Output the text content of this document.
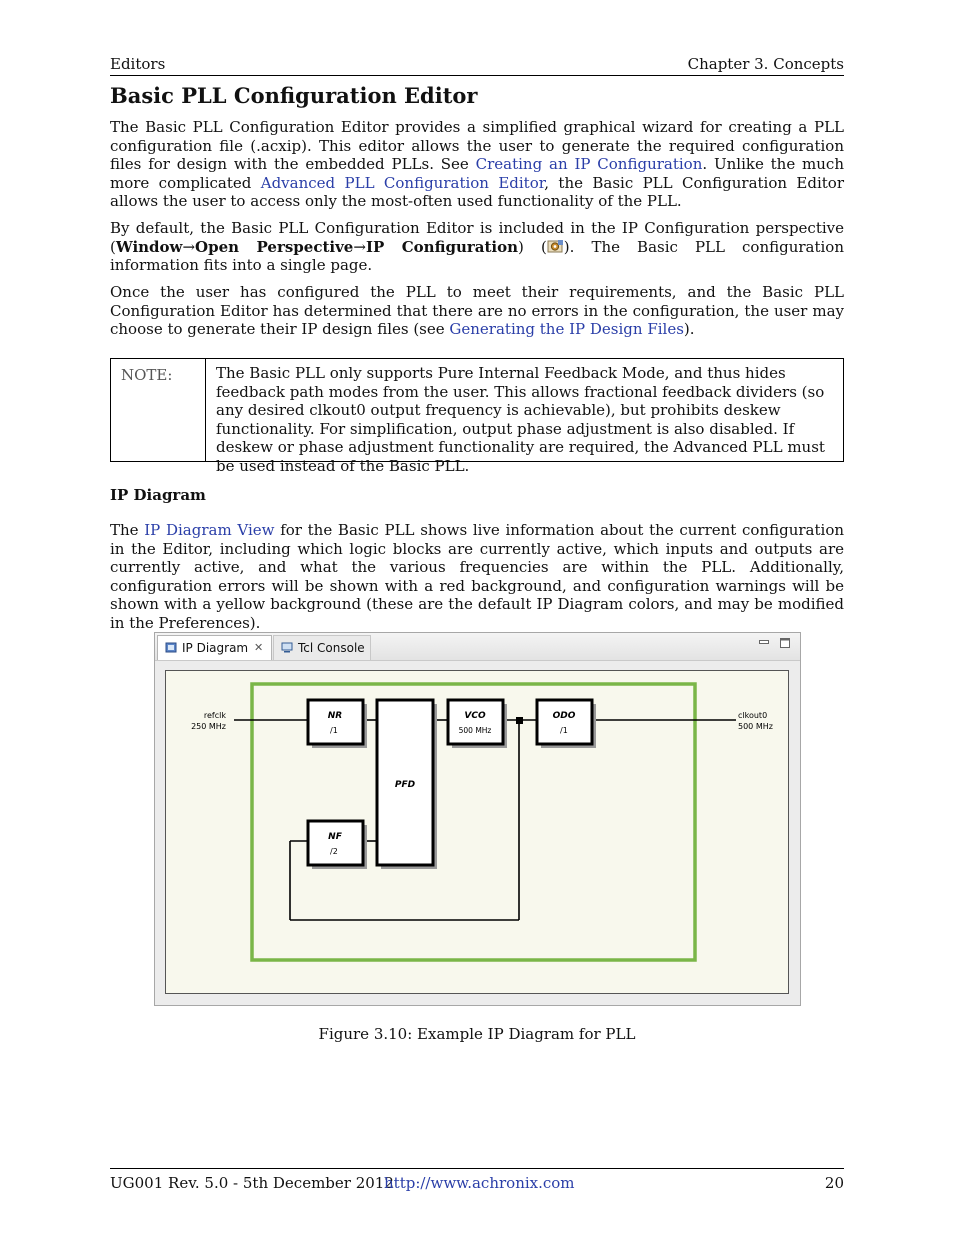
Editors	Chapter 3. Concepts
Basic PLL Configuration Editor

The Basic PLL Configuration Editor provides a simplified graphical wizard for creating a PLL configuration file (.acxip). This editor allows the user to generate the required configuration files for design with the embedded PLLs. See Creating an IP Configuration. Unlike the much more complicated Advanced PLL Configuration Editor, the Basic PLL Configuration Editor allows the user to access only the most-often used functionality of the PLL.

By default, the Basic PLL Configuration Editor is included in the IP Configuration perspective (Window→Open Perspective→IP Configuration) ( ). The Basic PLL configuration information fits into a single page.

Once the user has configured the PLL to meet their requirements, and the Basic PLL Configuration Editor has determined that there are no errors in the configuration, the user may choose to generate their IP design files (see Generating the IP Design Files).

NOTE:	The Basic PLL only supports Pure Internal Feedback Mode, and thus hides feedback path modes from the user. This allows fractional feedback dividers (so any desired clkout0 output frequency is achievable), but prohibits deskew functionality. For simplification, output phase adjustment is also disabled. If deskew or phase adjustment functionality are required, the Advanced PLL must be used instead of the Basic PLL.
IP Diagram

The IP Diagram View for the Basic PLL shows live information about the current configuration in the Editor, including which logic blocks are currently active, which inputs and outputs are currently active, and what the various frequencies are within the PLL. Additionally, configuration errors will be shown with a red background, and configuration warnings will be shown with a yellow background (these are the default IP Diagram colors, and may be modified in the Preferences).

IP Diagram ✕	Tcl Console
refclk
250 MHz
clkout0
500 MHz
NR
/1
NF
/2
PFD
VCO
500 MHz
ODO
/1
Figure 3.10: Example IP Diagram for PLL
UG001 Rev. 5.0 - 5th December 2012
http://www.achronix.com	20
